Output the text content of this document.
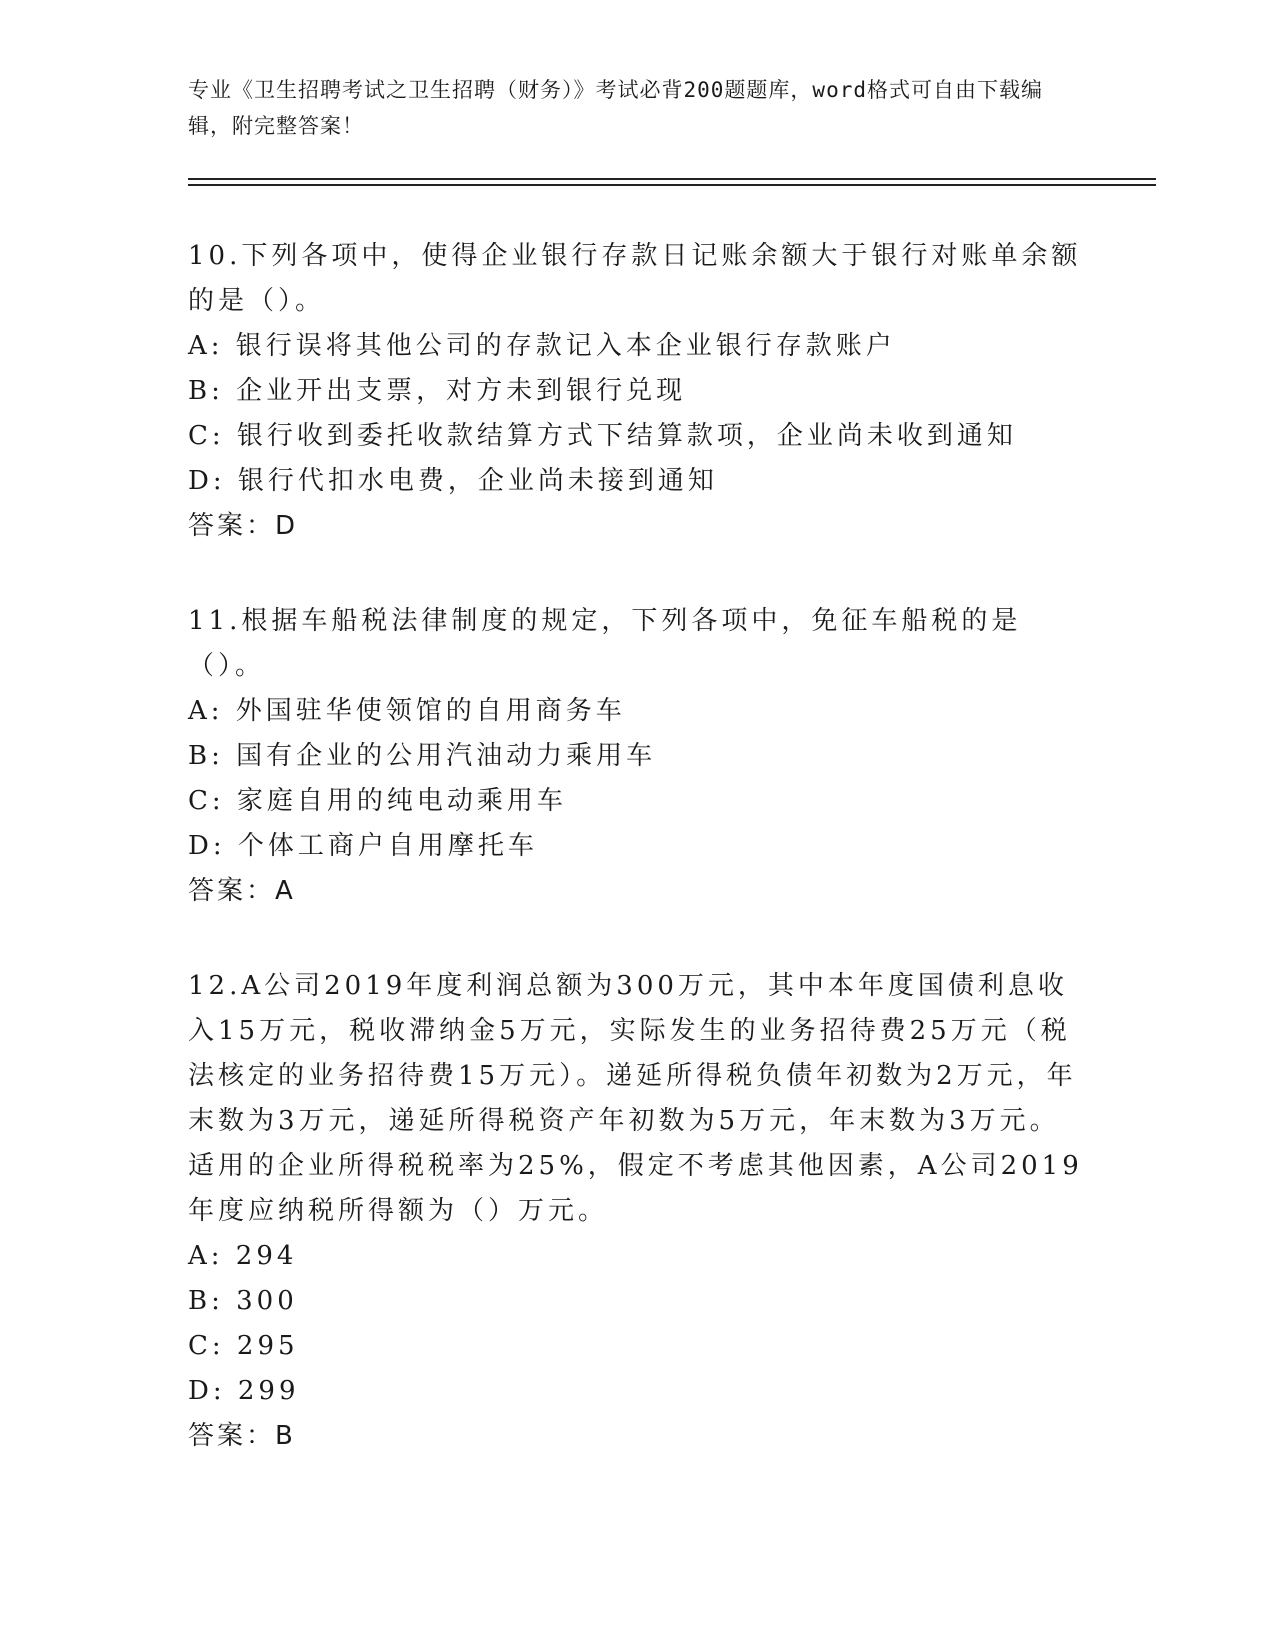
专业《卫生招聘考试之卫生招聘（财务）》考试必背200题题库，word格式可自由下载编辑，附完整答案！

10.下列各项中，使得企业银行存款日记账余额大于银行对账单余额的是（）。

A: 银行误将其他公司的存款记入本企业银行存款账户
B: 企业开出支票，对方未到银行兑现
C: 银行收到委托收款结算方式下结算款项，企业尚未收到通知
D: 银行代扣水电费，企业尚未接到通知

答案：D

11.根据车船税法律制度的规定，下列各项中，免征车船税的是（）。

A: 外国驻华使领馆的自用商务车
B: 国有企业的公用汽油动力乘用车
C: 家庭自用的纯电动乘用车
D: 个体工商户自用摩托车

答案：A

12.A公司2019年度利润总额为300万元，其中本年度国债利息收入15万元，税收滞纳金5万元，实际发生的业务招待费25万元（税法核定的业务招待费15万元）。递延所得税负债年初数为2万元，年末数为3万元，递延所得税资产年初数为5万元，年末数为3万元。适用的企业所得税税率为25%，假定不考虑其他因素，A公司2019年度应纳税所得额为（）万元。

A: 294
B: 300
C: 295
D: 299

答案：B
